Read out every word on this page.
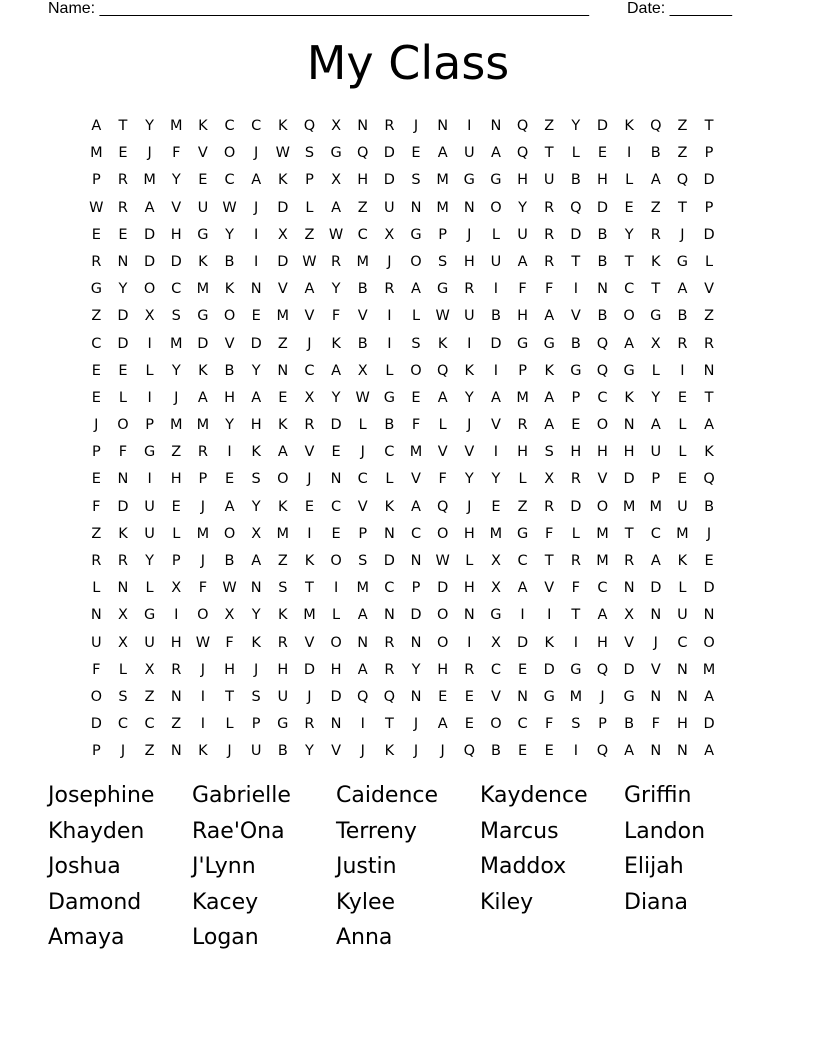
Name: _______________________________________________________ Date: _______
My Class
A	T	Y	M	K	C	C	K	Q	X	N	R	J	N	I	N	Q	Z	Y	D	K	Q	Z	T
M	E	J	F	V	O	J	W	S	G	Q	D	E	A	U	A	Q	T	L	E	I	B	Z	P
P	R	M	Y	E	C	A	K	P	X	H	D	S	M	G	G	H	U	B	H	L	A	Q	D
W R	A	V	U W	J	D	L	A	Z	U	N	M	N	O	Y	R	Q	D	E	Z	T	P
E	E	D	H	G	Y	I	X	Z	W C	X	G	P	J	L	U	R	D	B	Y	R	J	D
R	N	D	D	K	B	I	D W R	M	J	O	S	H	U	A	R	T	B	T	K	G	L
G	Y	O	C	M	K	N	V	A	Y	B	R	A	G	R	I	F	F	I	N	C	T	A	V
Z	D	X	S	G	O	E	M	V	F	V	I	L	W U	B	H	A	V	B	O	G	B	Z
C	D	I	M	D	V	D	Z	J	K	B	I	S	K	I	D	G	G	B	Q	A	X	R	R
E	E	L	Y	K	B	Y	N	C	A	X	L	O	Q	K	I	P	K	G	Q	G	L	I	N
E	L	I	J	A	H	A	E	X	Y	W G	E	A	Y	A	M	A	P	C	K	Y	E	T
J	O	P	M M	Y	H	K	R	D	L	B	F	L	J	V	R	A	E	O	N	A	L	A
P	F	G	Z	R	I	K	A	V	E	J	C	M	V	V	I	H	S	H	H	H	U	L	K
E	N	I	H	P	E	S	O	J	N	C	L	V	F	Y	Y	L	X	R	V	D	P	E	Q
F	D	U	E	J	A	Y	K	E	C	V	K	A	Q	J	E	Z	R	D	O	M M	U	B
Z	K	U	L	M	O	X	M	I	E	P	N	C	O	H	M	G	F	L	M	T	C	M	J
R	R	Y	P	J	B	A	Z	K	O	S	D	N W	L	X	C	T	R	M	R	A	K	E
L	N	L	X	F	W N	S	T	I	M	C	P	D	H	X	A	V	F	C	N	D	L	D
N	X	G	I	O	X	Y	K	M	L	A	N	D	O	N	G	I	I	T	A	X	N	U	N
U	X	U	H W	F	K	R	V	O	N	R	N	O	I	X	D	K	I	H	V	J	C	O
F	L	X	R	J	H	J	H	D	H	A	R	Y	H	R	C	E	D	G	Q	D	V	N	M
O	S	Z	N	I	T	S	U	J	D	Q	Q	N	E	E	V	N	G	M	J	G	N	N	A
D	C	C	Z	I	L	P	G	R	N	I	T	J	A	E	O	C	F	S	P	B	F	H	D
P	J	Z	N	K	J	U	B	Y	V	J	K	J	J	Q	B	E	E	I	Q	A	N	N	A
Josephine	Gabrielle	Caidence	Kaydence	Griffin
Khayden	Rae'Ona	Terreny	Marcus	Landon
Joshua	J'Lynn	Justin	Maddox	Elijah
Damond	Kacey	Kylee	Kiley	Diana
Amaya	Logan	Anna
